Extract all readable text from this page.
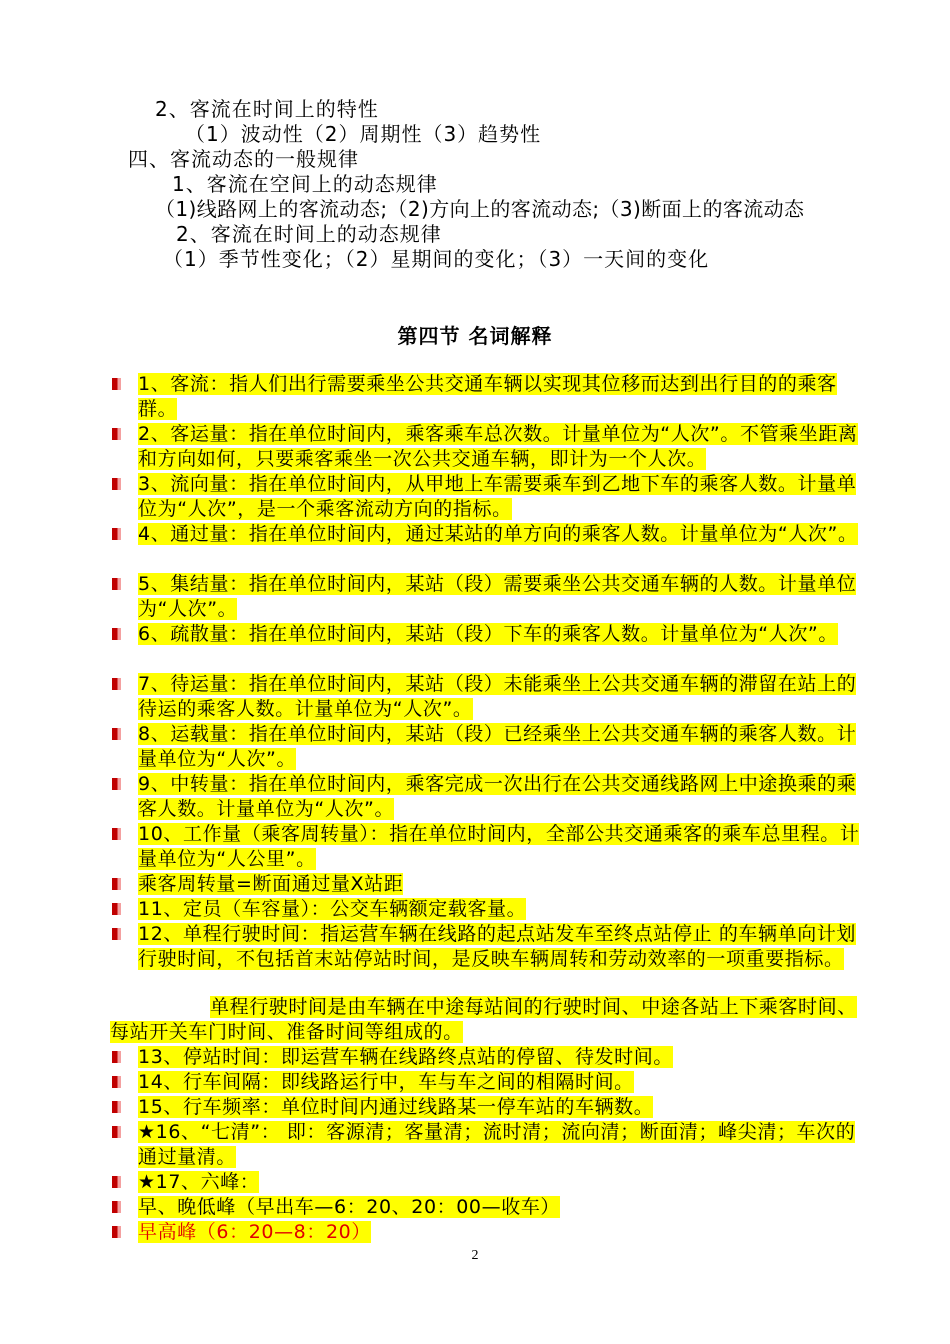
2、客流在时间上的特性
（1）波动性（2）周期性（3）趋势性
四、客流动态的一般规律
1、客流在空间上的动态规律
（1)线路网上的客流动态;（2)方向上的客流动态;（3)断面上的客流动态
2、客流在时间上的动态规律
（1）季节性变化；（2）星期间的变化；（3）一天间的变化
第四节 名词解释
1、客流：指人们出行需要乘坐公共交通车辆以实现其位移而达到出行目的的乘客群。
2、客运量：指在单位时间内，乘客乘车总次数。计量单位为“人次”。不管乘坐距离和方向如何，只要乘客乘坐一次公共交通车辆，即计为一个人次。
3、流向量：指在单位时间内，从甲地上车需要乘车到乙地下车的乘客人数。计量单位为“人次”，是一个乘客流动方向的指标。
4、通过量：指在单位时间内，通过某站的单方向的乘客人数。计量单位为“人次”。
5、集结量：指在单位时间内，某站（段）需要乘坐公共交通车辆的人数。计量单位为“人次”。
6、疏散量：指在单位时间内，某站（段）下车的乘客人数。计量单位为“人次”。
7、待运量：指在单位时间内，某站（段）未能乘坐上公共交通车辆的滞留在站上的待运的乘客人数。计量单位为“人次”。
8、运载量：指在单位时间内，某站（段）已经乘坐上公共交通车辆的乘客人数。计量单位为“人次”。
9、中转量：指在单位时间内，乘客完成一次出行在公共交通线路网上中途换乘的乘客人数。计量单位为“人次”。
10、工作量（乘客周转量）：指在单位时间内，全部公共交通乘客的乘车总里程。计量单位为“人公里”。
乘客周转量=断面通过量X站距
11、定员（车容量）：公交车辆额定载客量。
12、单程行驶时间：指运营车辆在线路的起点站发车至终点站停止 的车辆单向计划行驶时间，不包括首末站停站时间，是反映车辆周转和劳动效率的一项重要指标。
单程行驶时间是由车辆在中途每站间的行驶时间、中途各站上下乘客时间、每站开关车门时间、准备时间等组成的。
13、停站时间：即运营车辆在线路终点站的停留、待发时间。
14、行车间隔：即线路运行中，车与车之间的相隔时间。
15、行车频率：单位时间内通过线路某一停车站的车辆数。
★16、“七清”： 即：客源清；客量清；流时清；流向清；断面清；峰尖清；车次的通过量清。
★17、六峰：
早、晚低峰（早出车—6：20、20：00—收车）
早高峰（6：20—8：20）
2
